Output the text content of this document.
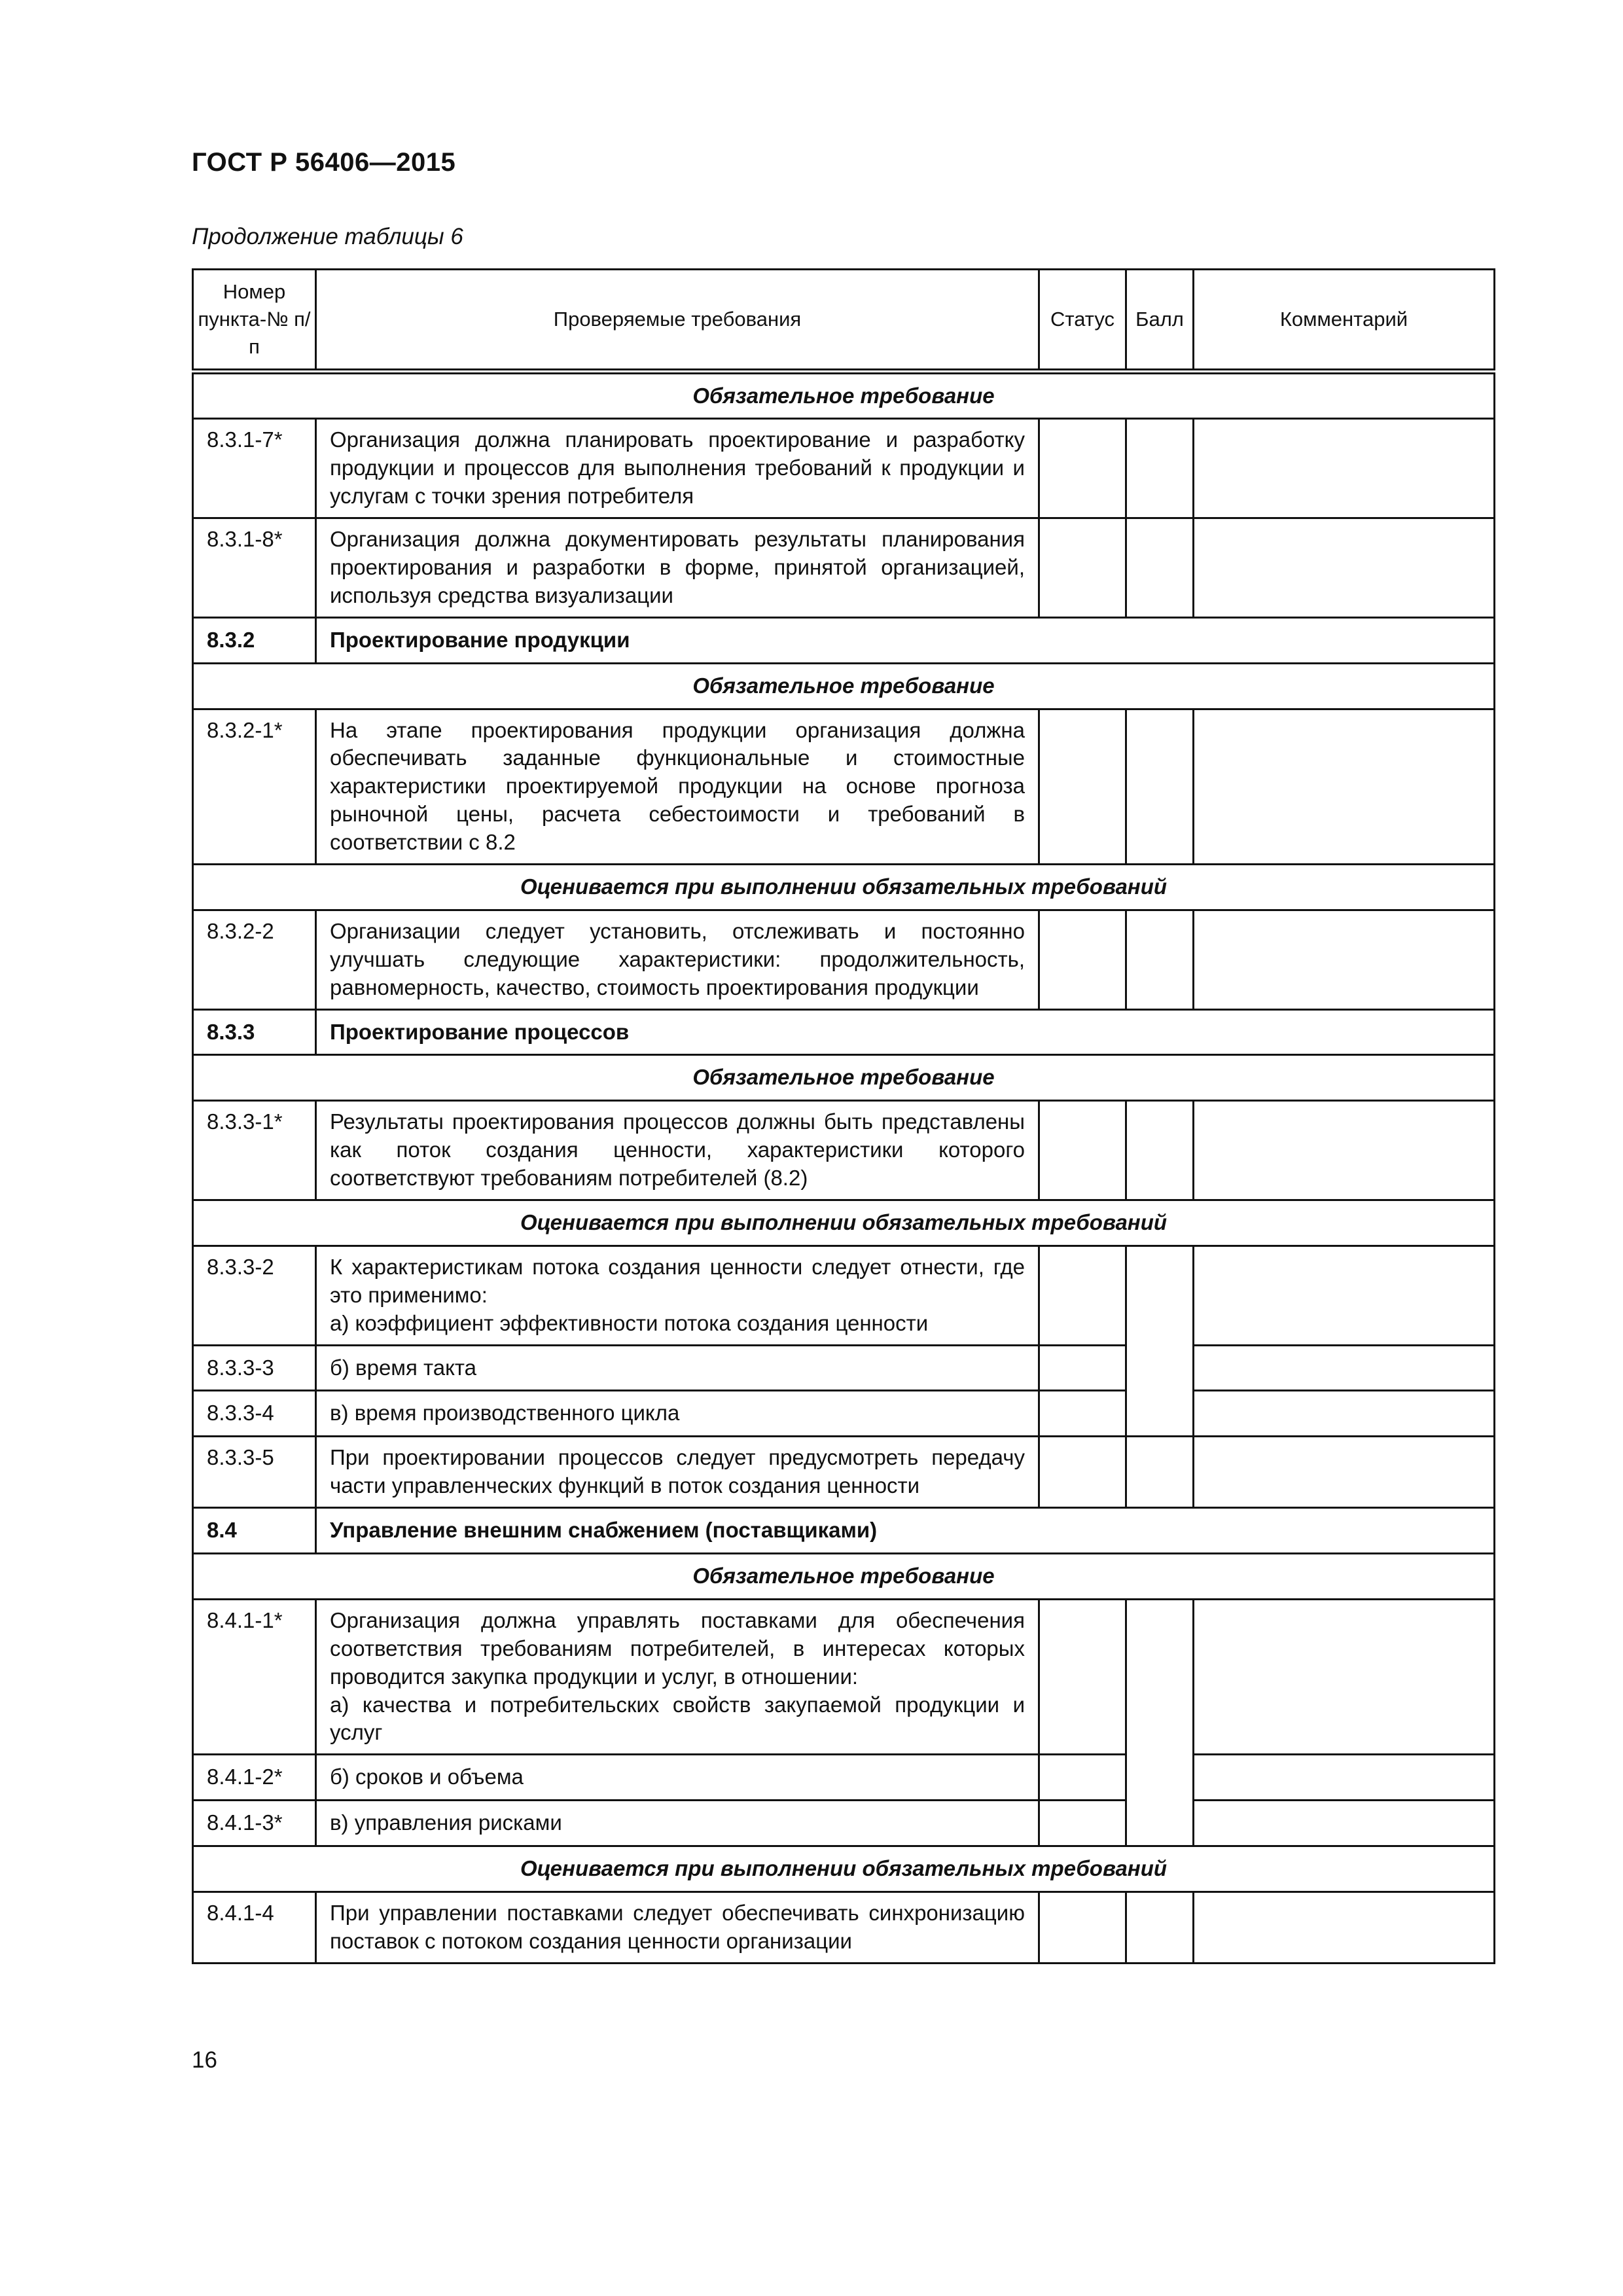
ГОСТ Р 56406—2015
Продолжение таблицы 6
Номер пункта-№ п/п	Проверяемые требования	Статус	Балл	Комментарий
Обязательное требование				
8.3.1-7*	Организация должна планировать проектирование и разработку продукции и процессов для выполнения требований к продукции и услугам с точки зрения потребителя			
8.3.1-8*	Организация должна документировать результаты планирования проектирования и разработки в форме, принятой организацией, используя средства визуализации			
8.3.2	Проектирование продукции			
Обязательное требование				
8.3.2-1*	На этапе проектирования продукции организация должна обеспечивать заданные функциональные и стоимостные характеристики проектируемой продукции на основе прогноза рыночной цены, расчета себестоимости и требований в соответствии с 8.2			
Оценивается при выполнении обязательных требований				
8.3.2-2	Организации следует установить, отслеживать и постоянно улучшать следующие характеристики: продолжительность, равномерность, качество, стоимость проектирования продукции			
8.3.3	Проектирование процессов			
Обязательное требование				
8.3.3-1*	Результаты проектирования процессов должны быть представлены как поток создания ценности, характеристики которого соответствуют требованиям потребителей (8.2)			
Оценивается при выполнении обязательных требований				
8.3.3-2	К характеристикам потока создания ценности следует отнести, где это применимо:
а) коэффициент эффективности потока создания ценности			
8.3.3-3	б) время такта			
8.3.3-4	в) время производственного цикла			
8.3.3-5	При проектировании процессов следует предусмотреть передачу части управленческих функций в поток создания ценности			
8.4	Управление внешним снабжением (поставщиками)			
Обязательное требование				
8.4.1-1*	Организация должна управлять поставками для обеспечения соответствия требованиям потребителей, в интересах которых проводится закупка продукции и услуг, в отношении:
а) качества и потребительских свойств закупаемой продукции и услуг			
8.4.1-2*	б) сроков и объема			
8.4.1-3*	в) управления рисками			
Оценивается при выполнении обязательных требований				
8.4.1-4	При управлении поставками следует обеспечивать синхронизацию поставок с потоком создания ценности организации			
16
